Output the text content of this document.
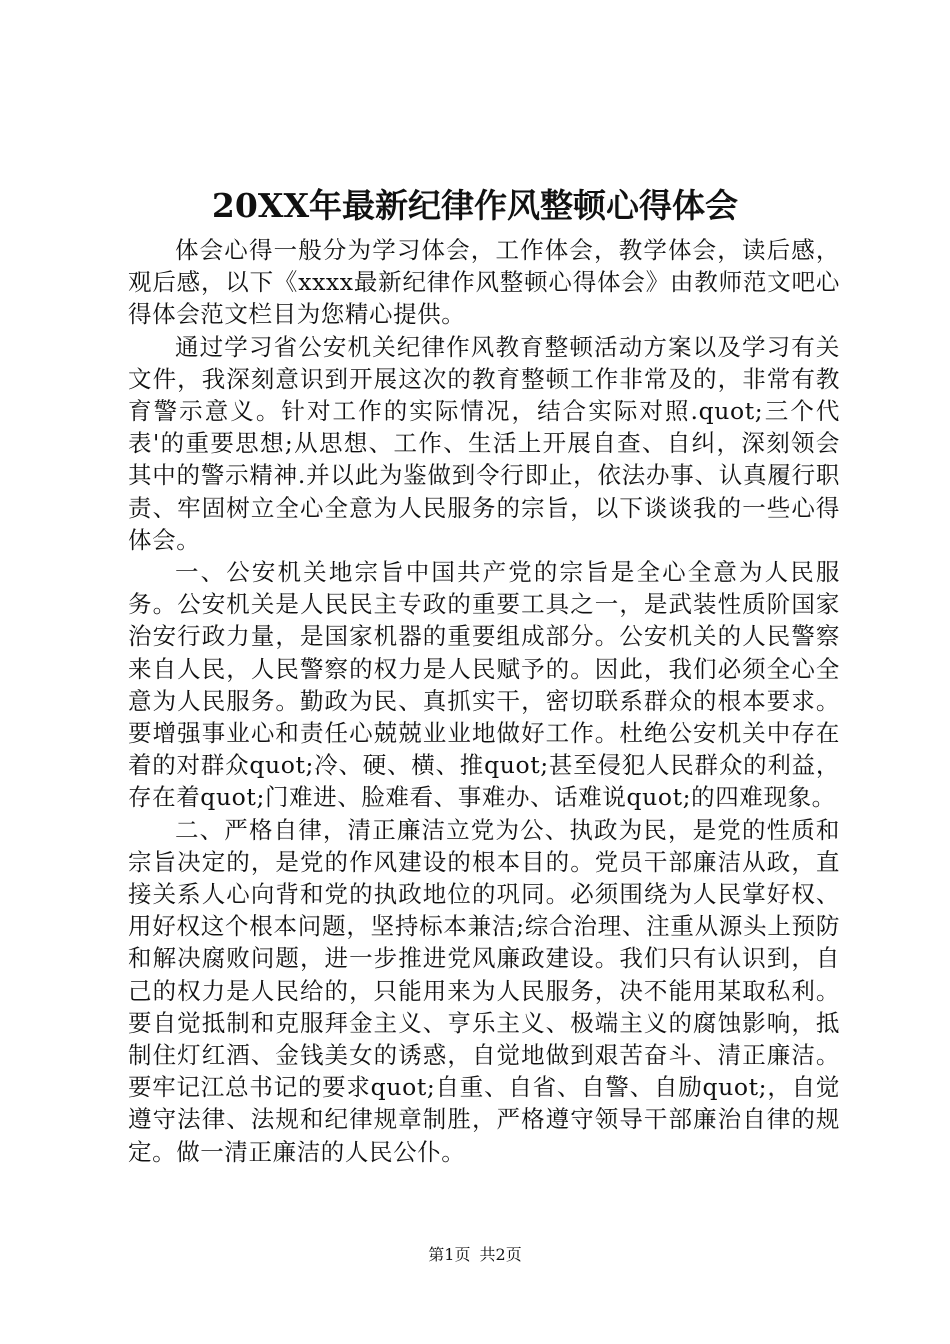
20XX年最新纪律作风整顿心得体会

体会心得一般分为学习体会，工作体会，教学体会，读后感，观后感，以下《xxxx最新纪律作风整顿心得体会》由教师范文吧心得体会范文栏目为您精心提供。

通过学习省公安机关纪律作风教育整顿活动方案以及学习有关文件，我深刻意识到开展这次的教育整顿工作非常及的，非常有教育警示意义。针对工作的实际情况，结合实际对照.quot;三个代表'的重要思想;从思想、工作、生活上开展自查、自纠，深刻领会其中的警示精神.并以此为鉴做到令行即止，依法办事、认真履行职责、牢固树立全心全意为人民服务的宗旨，以下谈谈我的一些心得体会。

一、公安机关地宗旨中国共产党的宗旨是全心全意为人民服务。公安机关是人民民主专政的重要工具之一，是武装性质阶国家治安行政力量，是国家机器的重要组成部分。公安机关的人民警察来自人民，人民警察的权力是人民赋予的。因此，我们必须全心全意为人民服务。勤政为民、真抓实干，密切联系群众的根本要求。要增强事业心和责任心兢兢业业地做好工作。杜绝公安机关中存在着的对群众quot;冷、硬、横、推quot;甚至侵犯人民群众的利益，存在着quot;门难进、脸难看、事难办、话难说quot;的四难现象。

二、严格自律，清正廉洁立党为公、执政为民，是党的性质和宗旨决定的，是党的作风建设的根本目的。党员干部廉洁从政，直接关系人心向背和党的执政地位的巩同。必须围绕为人民掌好权、用好权这个根本问题，坚持标本兼洁;综合治理、注重从源头上预防和解决腐败问题，进一步推进党风廉政建设。我们只有认识到，自己的权力是人民给的，只能用来为人民服务，决不能用某取私利。要自觉抵制和克服拜金主义、亨乐主义、极端主义的腐蚀影响，抵制住灯红酒、金钱美女的诱惑，自觉地做到艰苦奋斗、清正廉洁。要牢记江总书记的要求quot;自重、自省、自警、自励quot;，自觉遵守法律、法规和纪律规章制胜，严格遵守领导干部廉治自律的规定。做一清正廉洁的人民公仆。

第1页 共2页
